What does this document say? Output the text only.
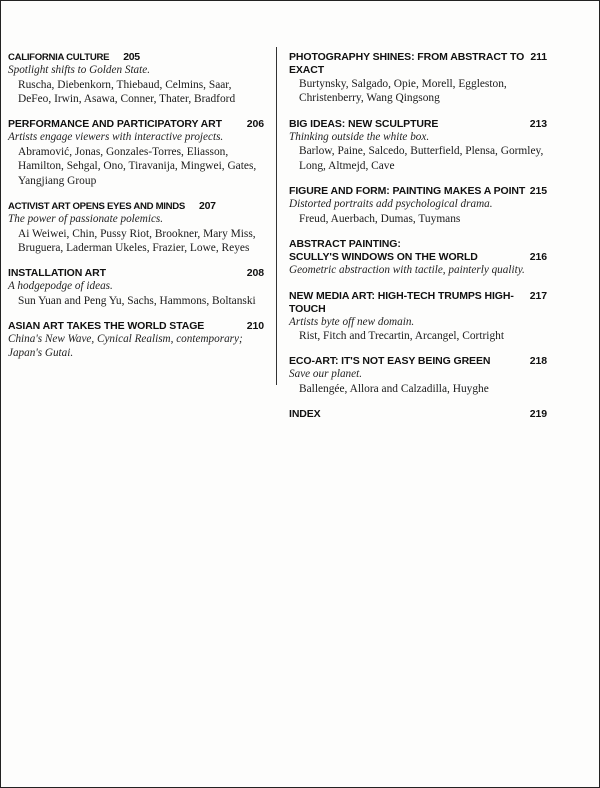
CALIFORNIA CULTURE 205
Spotlight shifts to Golden State.
Ruscha, Diebenkorn, Thiebaud, Celmins, Saar, DeFeo, Irwin, Asawa, Conner, Thater, Bradford
PERFORMANCE AND PARTICIPATORY ART 206
Artists engage viewers with interactive projects.
Abramović, Jonas, Gonzales-Torres, Eliasson, Hamilton, Sehgal, Ono, Tiravanija, Mingwei, Gates, Yangjiang Group
ACTIVIST ART OPENS EYES AND MINDS 207
The power of passionate polemics.
Ai Weiwei, Chin, Pussy Riot, Brookner, Mary Miss, Bruguera, Laderman Ukeles, Frazier, Lowe, Reyes
INSTALLATION ART	208
A hodgepodge of ideas.
Sun Yuan and Peng Yu, Sachs, Hammons, Boltanski
ASIAN ART TAKES THE WORLD STAGE	210
China's New Wave, Cynical Realism, contemporary; Japan's Gutai.
PHOTOGRAPHY SHINES: FROM ABSTRACT TO EXACT
211
Burtynsky, Salgado, Opie, Morell, Eggleston, Christenberry, Wang Qingsong
BIG IDEAS: NEW SCULPTURE	213
Thinking outside the white box.
Barlow, Paine, Salcedo, Butterfield, Plensa, Gormley, Long, Altmejd, Cave
FIGURE AND FORM: PAINTING MAKES A POINT 215
Distorted portraits add psychological drama.
Freud, Auerbach, Dumas, Tuymans
ABSTRACT PAINTING:
SCULLY'S WINDOWS ON THE WORLD	216
Geometric abstraction with tactile, painterly quality.
NEW MEDIA ART: HIGH-TECH TRUMPS HIGH-TOUCH
217
Artists byte off new domain.
Rist, Fitch and Trecartin, Arcangel, Cortright
ECO-ART: IT'S NOT EASY BEING GREEN	218
Save our planet.
Ballengée, Allora and Calzadilla, Huyghe
INDEX	219
